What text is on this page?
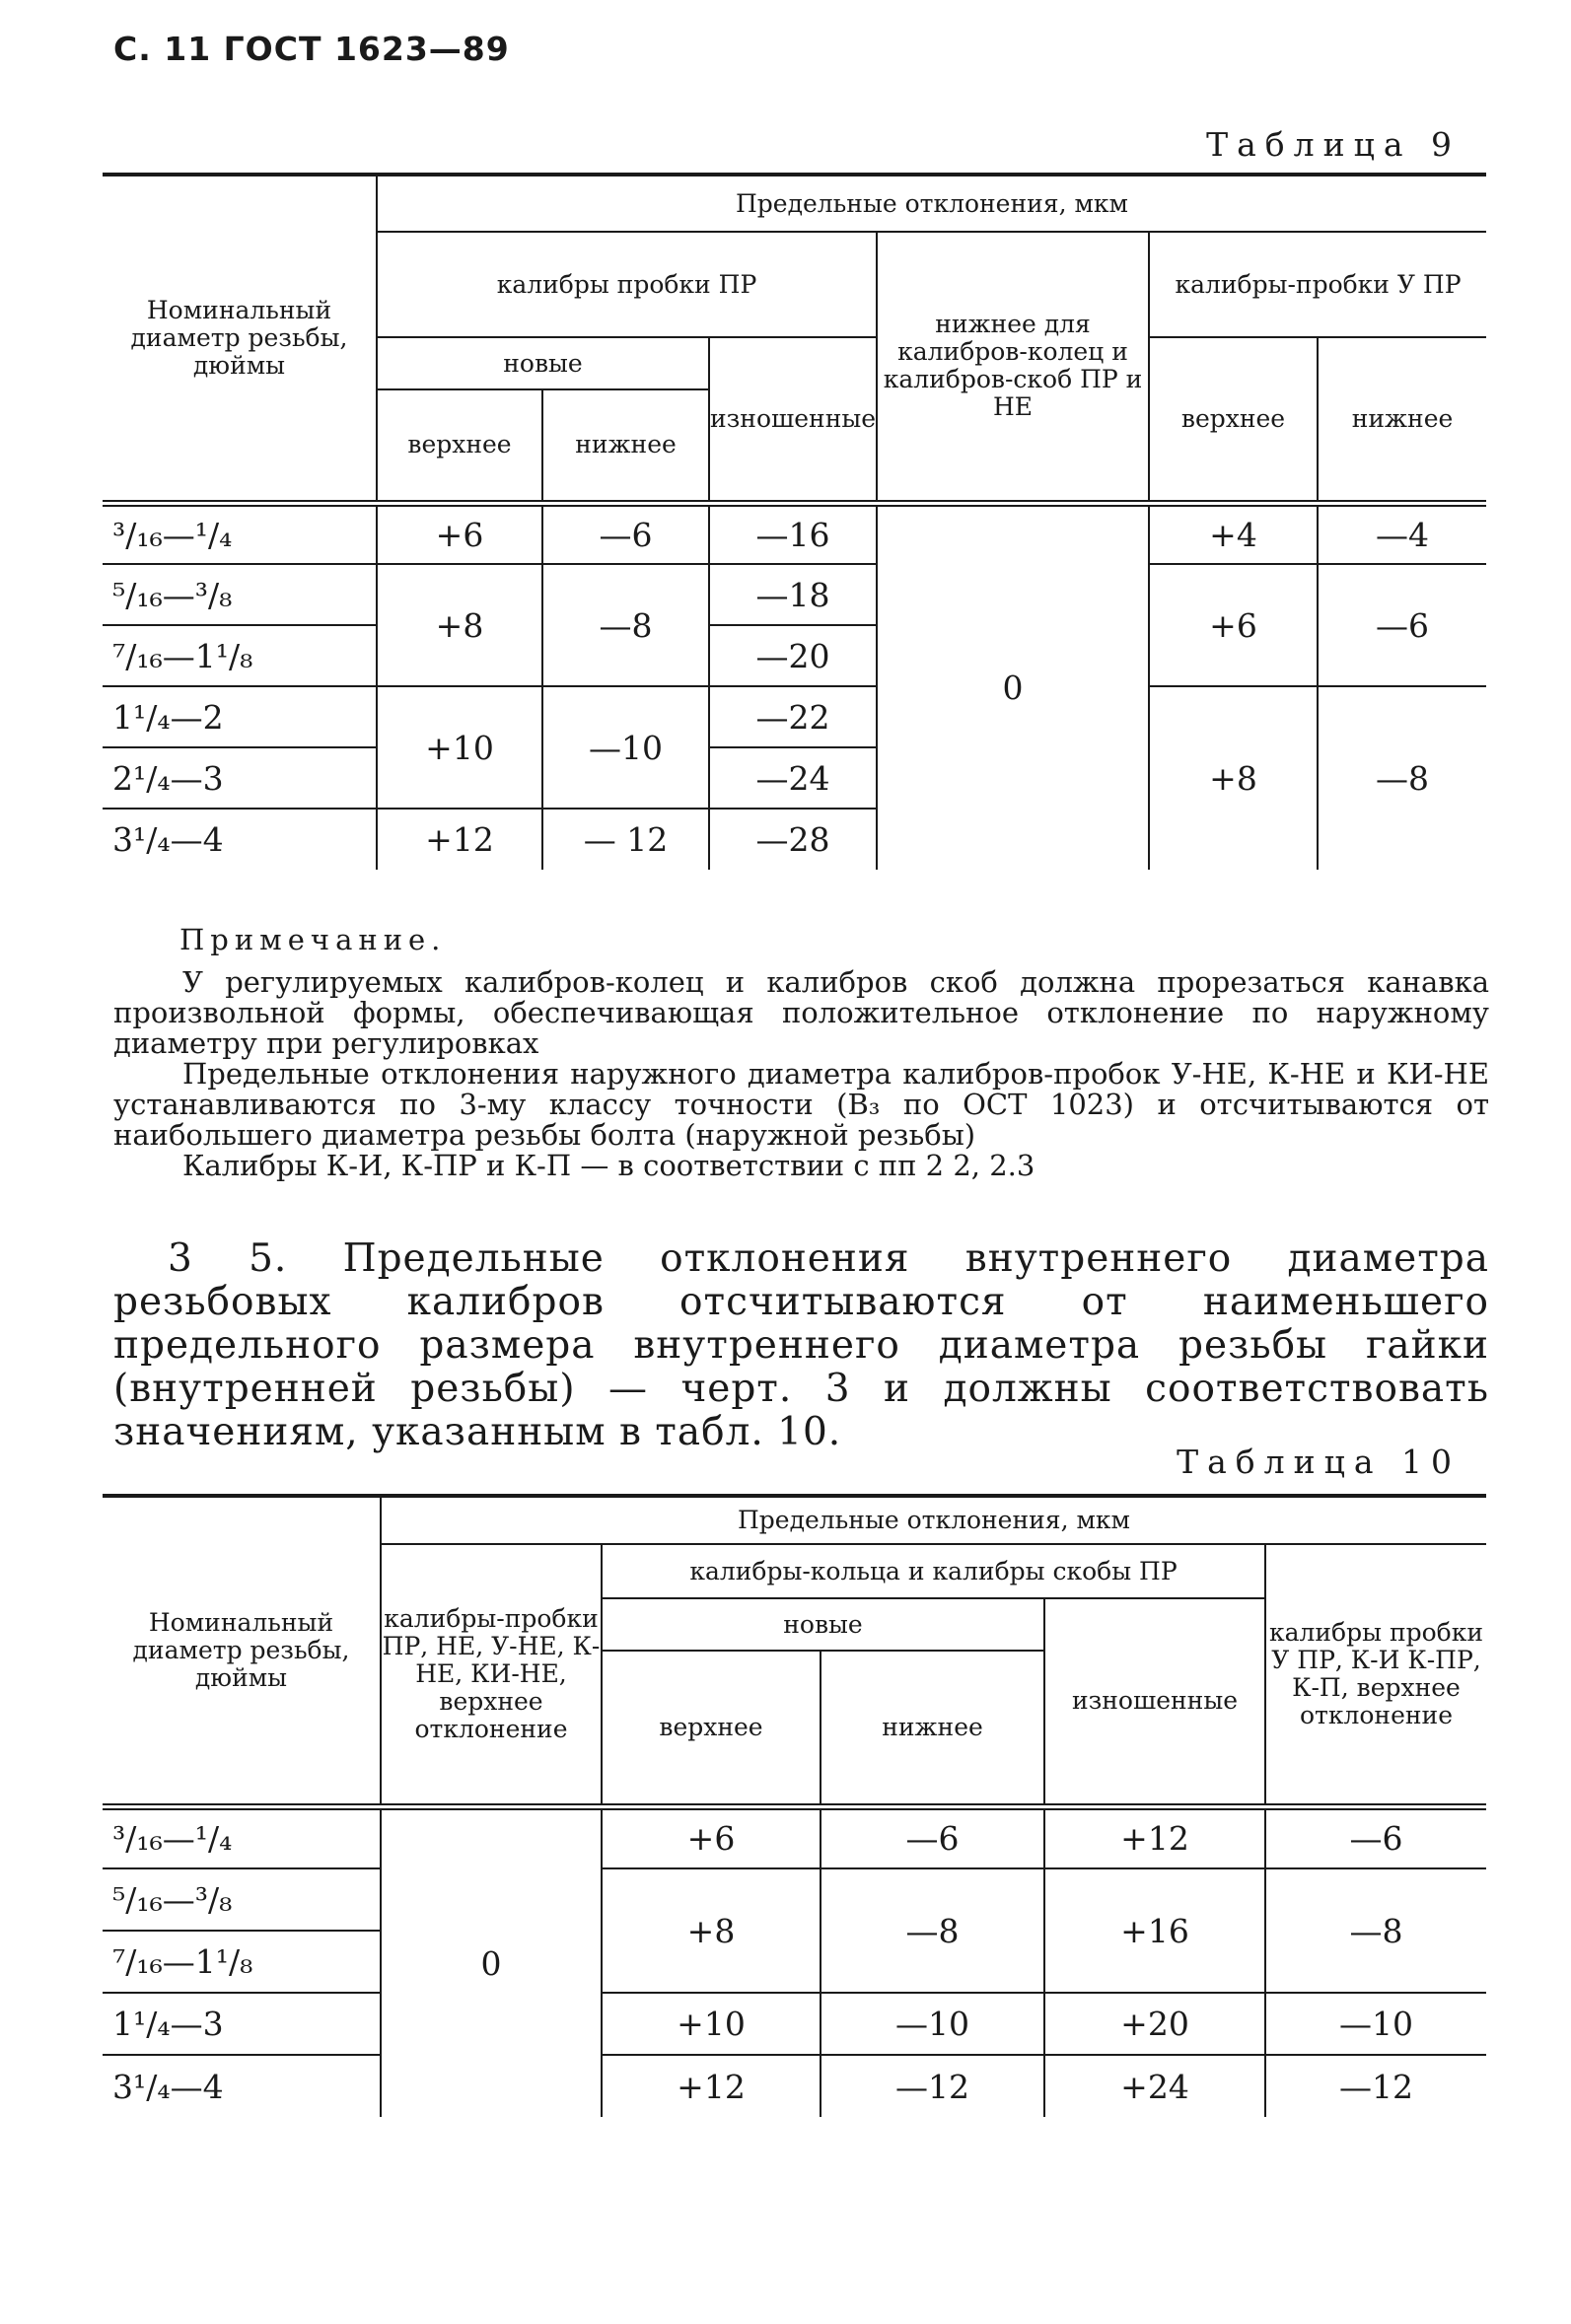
С. 11 ГОСТ 1623—89
Таблица 9
Номинальный диаметр резьбы, дюймы	Предельные отклонения, мкм					
	калибры пробки ПР			нижнее для калибров-колец и калибров-скоб ПР и НЕ	калибры-пробки У ПР	
	новые		изношенные		верхнее	нижнее
	верхнее	нижнее				
³/₁₆—¹/₄	+6	—6	—16	0	+4	—4
⁵/₁₆—³/₈	+8	—8	—18		+6	—6
⁷/₁₆—1¹/₈			—20			
1¹/₄—2	+10	—10	—22		+8	—8
2¹/₄—3			—24			
3¹/₄—4	+12	— 12	—28			

Примечание.

У регулируемых калибров-колец и калибров скоб должна прорезаться канавка произвольной формы, обеспечивающая положительное отклонение по наружному диаметру при регулировках

Предельные отклонения наружного диаметра калибров-пробок У-НЕ, К-НЕ и КИ-НЕ устанавливаются по 3-му классу точности (В₃ по ОСТ 1023) и отсчитываются от наибольшего диаметра резьбы болта (наружной резьбы)

Калибры К-И, К-ПР и К-П — в соответствии с пп 2 2, 2.3

3 5. Предельные отклонения внутреннего диаметра резьбовых калибров отсчитываются от наименьшего предельного размера внутреннего диаметра резьбы гайки (внутренней резьбы) — черт. 3 и должны соответствовать значениям, указанным в табл. 10.

Таблица 10
Номинальный диаметр резьбы, дюймы	Предельные отклонения, мкм				
	калибры-пробки ПР, НЕ, У-НЕ, К-НЕ, КИ-НЕ, верхнее отклонение	калибры-кольца и калибры скобы ПР			калибры пробки У ПР, К-И К-ПР, К-П, верхнее отклонение
		новые		изношенные	
		верхнее	нижнее		
³/₁₆—¹/₄	0	+6	—6	+12	—6
⁵/₁₆—³/₈		+8	—8	+16	—8
⁷/₁₆—1¹/₈					
1¹/₄—3		+10	—10	+20	—10
3¹/₄—4		+12	—12	+24	—12
